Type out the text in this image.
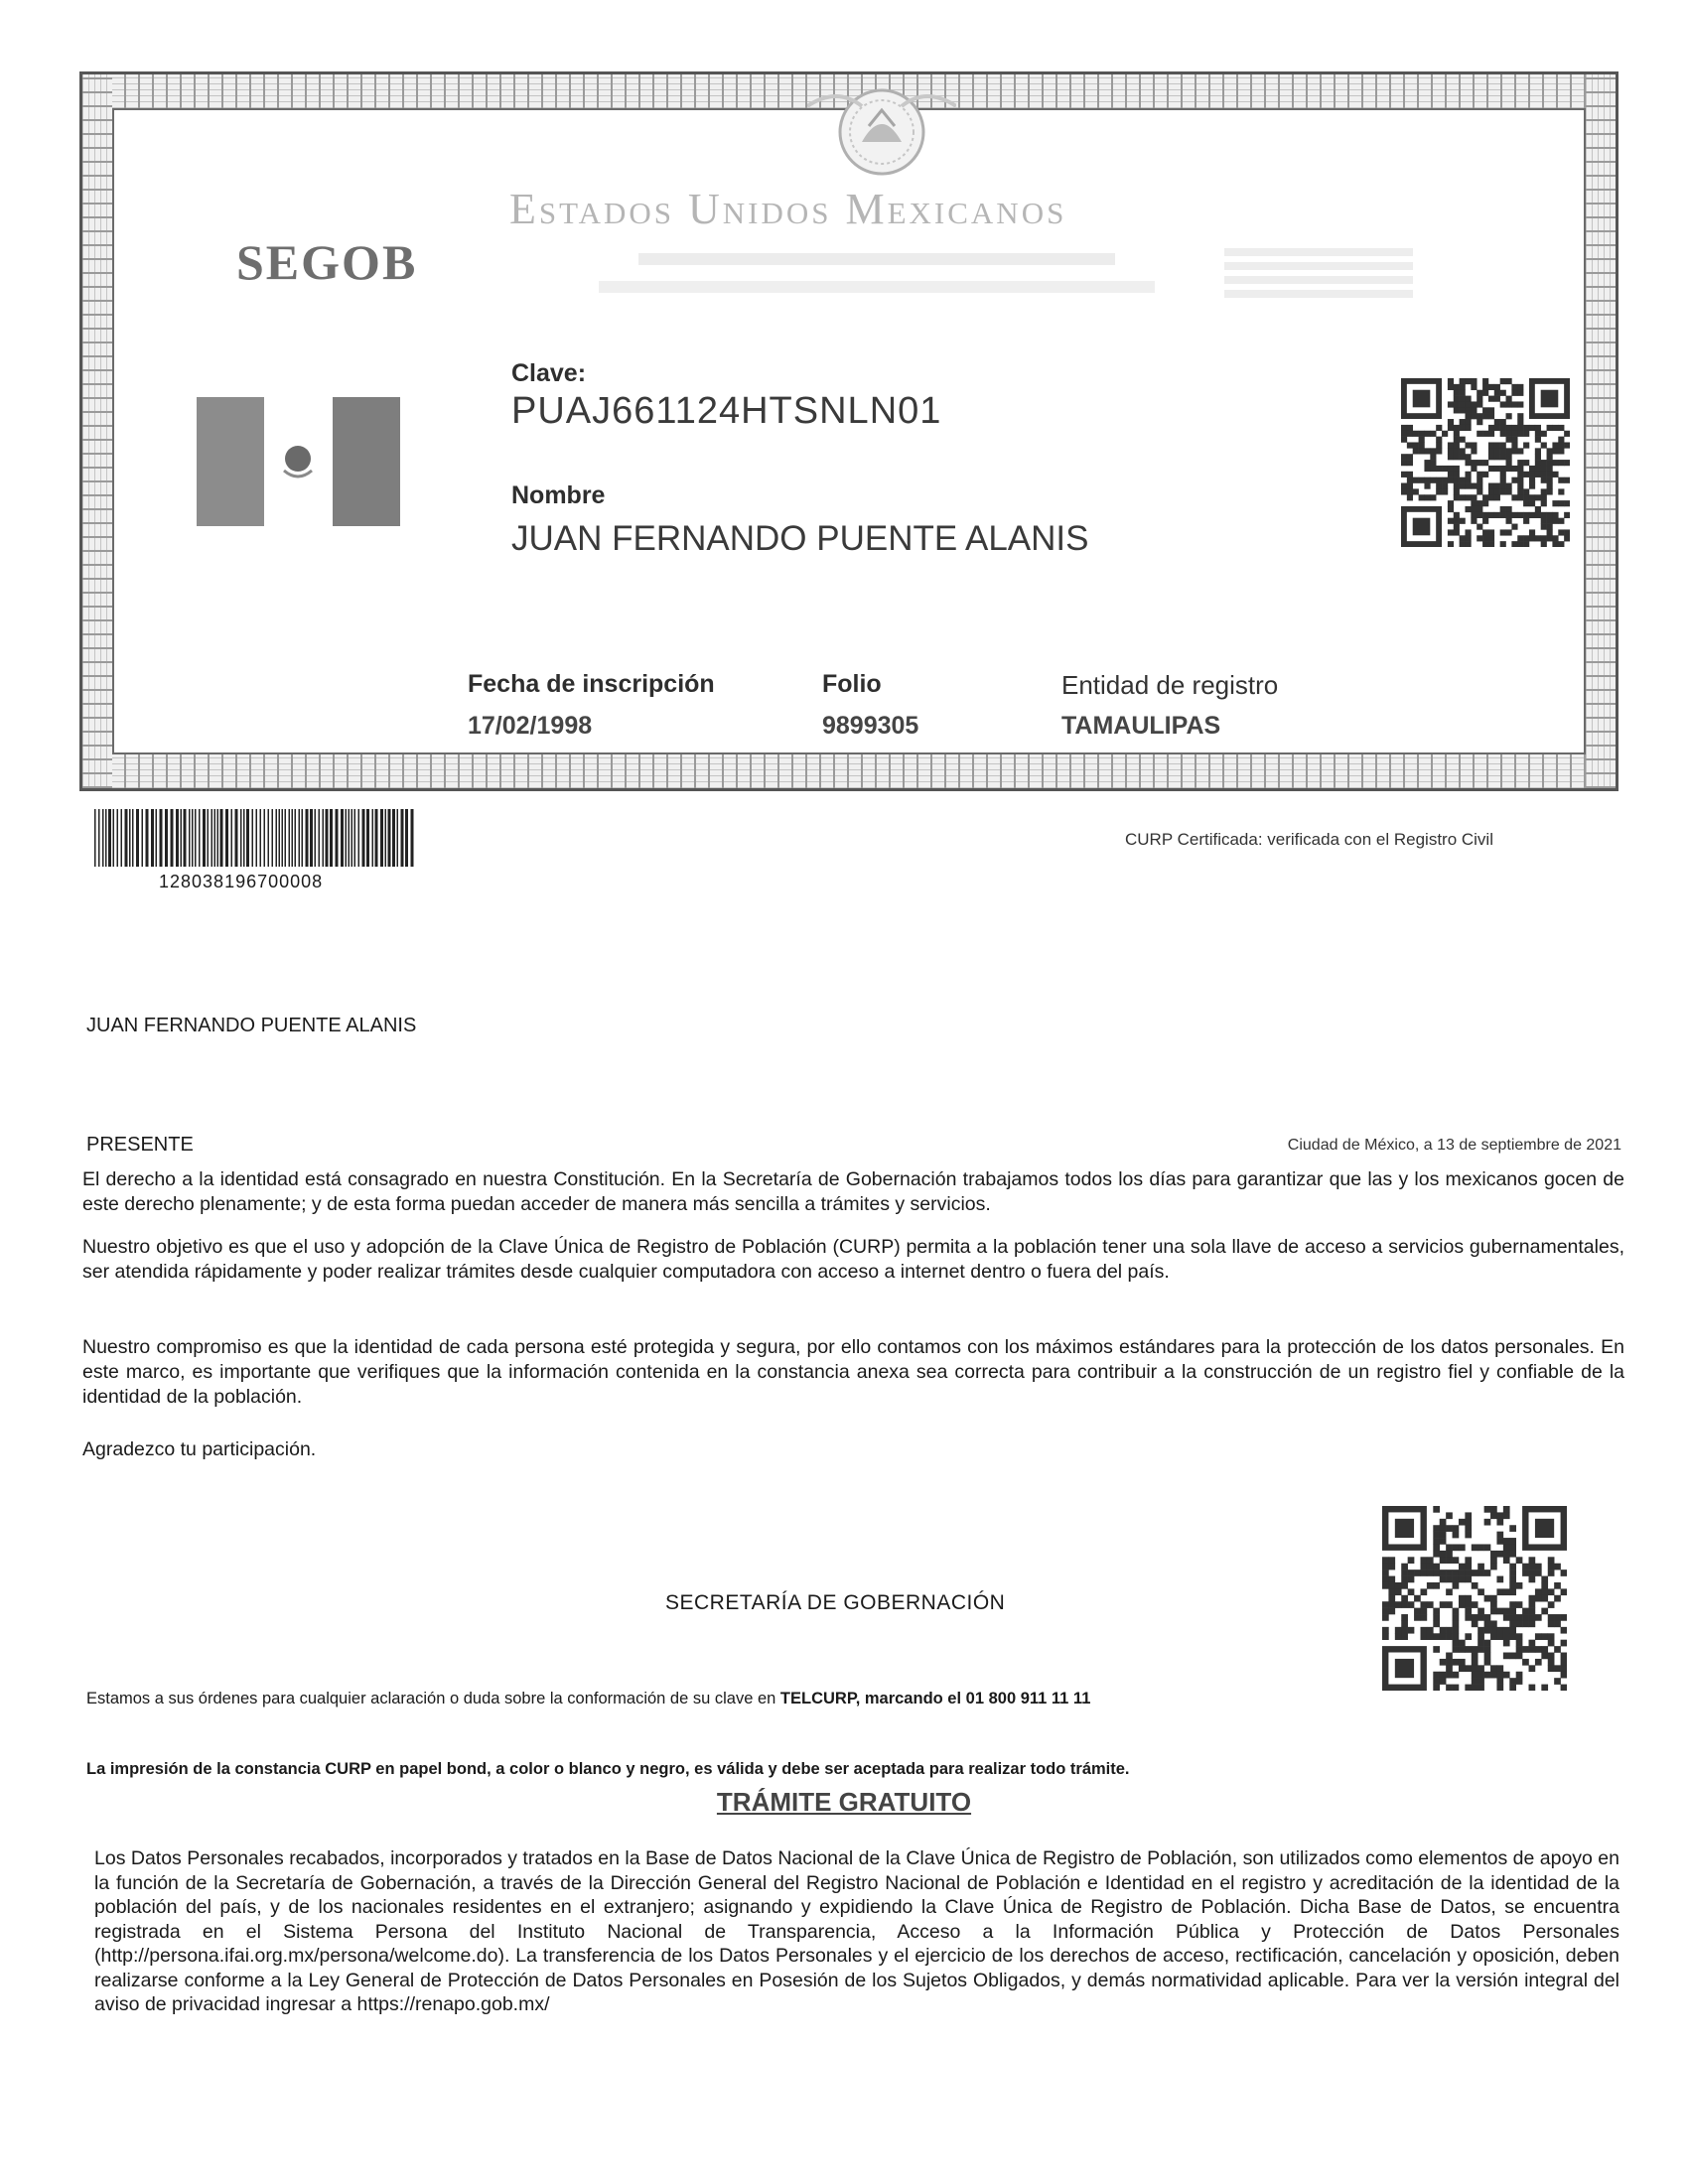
Estados Unidos Mexicanos
SEGOB
Clave:
PUAJ661124HTSNLN01
Nombre
JUAN FERNANDO PUENTE ALANIS
Fecha de inscripción
17/02/1998
Folio
9899305
Entidad de registro
TAMAULIPAS
128038196700008
CURP Certificada: verificada con el Registro Civil
JUAN FERNANDO PUENTE ALANIS
PRESENTE	Ciudad de México, a 13 de septiembre de 2021
El derecho a la identidad está consagrado en nuestra Constitución. En la Secretaría de Gobernación trabajamos todos los días para garantizar que las y los mexicanos gocen de este derecho plenamente; y de esta forma puedan acceder de manera más sencilla a trámites y servicios.
Nuestro objetivo es que el uso y adopción de la Clave Única de Registro de Población (CURP) permita a la población tener una sola llave de acceso a servicios gubernamentales, ser atendida rápidamente y poder realizar trámites desde cualquier computadora con acceso a internet dentro o fuera del país.
Nuestro compromiso es que la identidad de cada persona esté protegida y segura, por ello contamos con los máximos estándares para la protección de los datos personales. En este marco, es importante que verifiques que la información contenida en la constancia anexa sea correcta para contribuir a la construcción de un registro fiel y confiable de la identidad de la población.
Agradezco tu participación.
SECRETARÍA DE GOBERNACIÓN
Estamos a sus órdenes para cualquier aclaración o duda sobre la conformación de su clave en TELCURP, marcando el 01 800 911 11 11
La impresión de la constancia CURP en papel bond, a color o blanco y negro, es válida y debe ser aceptada para realizar todo trámite.
TRÁMITE GRATUITO
Los Datos Personales recabados, incorporados y tratados en la Base de Datos Nacional de la Clave Única de Registro de Población, son utilizados como elementos de apoyo en la función de la Secretaría de Gobernación, a través de la Dirección General del Registro Nacional de Población e Identidad en el registro y acreditación de la identidad de la población del país, y de los nacionales residentes en el extranjero; asignando y expidiendo la Clave Única de Registro de Población. Dicha Base de Datos, se encuentra registrada en el Sistema Persona del Instituto Nacional de Transparencia, Acceso a la Información Pública y Protección de Datos Personales (http://persona.ifai.org.mx/persona/welcome.do). La transferencia de los Datos Personales y el ejercicio de los derechos de acceso, rectificación, cancelación y oposición, deben realizarse conforme a la Ley General de Protección de Datos Personales en Posesión de los Sujetos Obligados, y demás normatividad aplicable. Para ver la versión integral del aviso de privacidad ingresar a https://renapo.gob.mx/
